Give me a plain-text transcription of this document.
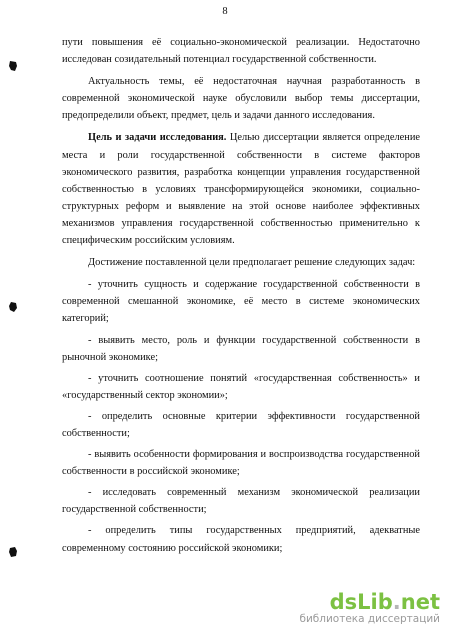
8

пути повышения её социально-экономической реализации. Недостаточно исследован созидательный потенциал государственной собственности.

Актуальность темы, её недостаточная научная разработанность в современной экономической науке обусловили выбор темы диссертации, предопределили объект, предмет, цель и задачи данного исследования.

Цель и задачи исследования. Целью диссертации является определение места и роли государственной собственности в системе факторов экономического развития, разработка концепции управления государственной собственностью в условиях трансформирующейся экономики, социально-структурных реформ и выявление на этой основе наиболее эффективных механизмов управления государственной собственностью применительно к специфическим российским условиям.

Достижение поставленной цели предполагает решение следующих задач:

- уточнить сущность и содержание государственной собственности в современной смешанной экономике, её место в системе экономических категорий;

- выявить место, роль и функции государственной собственности в рыночной экономике;

- уточнить соотношение понятий «государственная собственность» и «государственный сектор экономии»;

- определить основные критерии эффективности государственной собственности;

- выявить особенности формирования и воспроизводства государственной собственности в российской экономике;

- исследовать современный механизм экономической реализации государственной собственности;

- определить типы государственных предприятий, адекватные современному состоянию российской экономики;

dsLib.net
библиотека диссертаций
